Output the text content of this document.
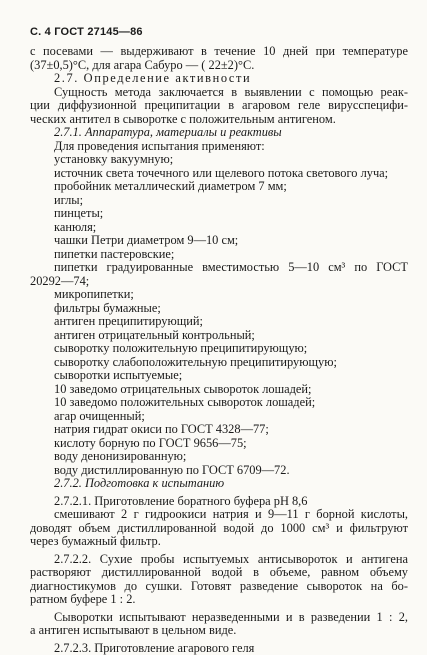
С. 4 ГОСТ 27145—86
с посевами — выдерживают в течение 10 дней при температуре
(37±0,5)°C, для агара Сабуро — ( 22±2)°C.
2.7. Определение активности
Сущность метода заключается в выявлении с помощью реак-
ции диффузионной преципитации в агаровом геле вирусспецифи-
ческих антител в сыворотке с положительным антигеном.
2.7.1. Аппаратура, материалы и реактивы
Для проведения испытания применяют:
установку вакуумную;
источник света точечного или щелевого потока светового луча;
пробойник металлический диаметром 7 мм;
иглы;
пинцеты;
канюля;
чашки Петри диаметром 9—10 см;
пипетки пастеровские;
пипетки градуированные вместимостью 5—10 см³ по ГОСТ
20292—74;
микропипетки;
фильтры бумажные;
антиген преципитирующий;
антиген отрицательный контрольный;
сыворотку положительную преципитирующую;
сыворотку слабоположительную преципитирующую;
сыворотки испытуемые;
10 заведомо отрицательных сывороток лошадей;
10 заведомо положительных сывороток лошадей;
агар очищенный;
натрия гидрат окиси по ГОСТ 4328—77;
кислоту борную по ГОСТ 9656—75;
воду денонизированную;
воду дистиллированную по ГОСТ 6709—72.
2.7.2. Подготовка к испытанию
2.7.2.1. Приготовление боратного буфера pH 8,6
смешивают 2 г гидроокиси натрия и 9—11 г борной кислоты,
доводят объем дистиллированной водой до 1000 см³ и фильтруют
через бумажный фильтр.
2.7.2.2. Сухие пробы испытуемых антисывороток и антигена
растворяют дистиллированной водой в объеме, равном объему
диагностикумов до сушки. Готовят разведение сывороток на бо-
ратном буфере 1 : 2.
Сыворотки испытывают неразведенными и в разведении 1 : 2,
а антиген испытывают в цельном виде.
2.7.2.3. Приготовление агарового геля
